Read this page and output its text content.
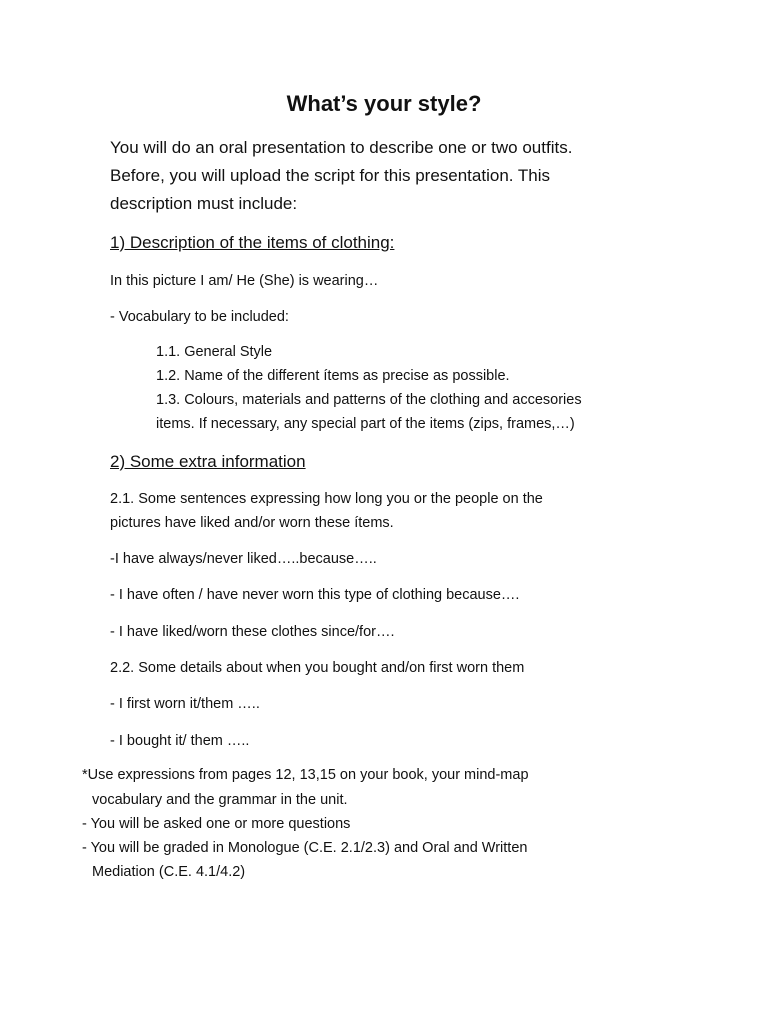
What’s your style?
You will do an oral presentation to describe one or two outfits.
Before, you will upload the script for this presentation. This
description must include:
1) Description of the items of clothing:
In this picture I am/ He (She) is wearing…
- Vocabulary to be included:
1.1. General Style
1.2. Name of the different ítems as precise as possible.
1.3. Colours, materials and patterns of the clothing and accesories
items. If necessary, any special part of the items (zips, frames,…)
2) Some extra information
2.1. Some sentences expressing how long you or the people on the
pictures have liked and/or worn these ítems.
-I have always/never liked…..because…..
- I have often / have never worn this type of clothing because….
- I have liked/worn these clothes since/for….
2.2. Some details about when you bought and/on first worn them
- I first worn it/them …..
- I bought it/ them …..
*Use expressions from pages 12, 13,15 on your book, your mind-map
vocabulary and the grammar in the unit.
- You will be asked one or more questions
- You will be graded in Monologue (C.E. 2.1/2.3) and Oral and Written
Mediation (C.E. 4.1/4.2)
